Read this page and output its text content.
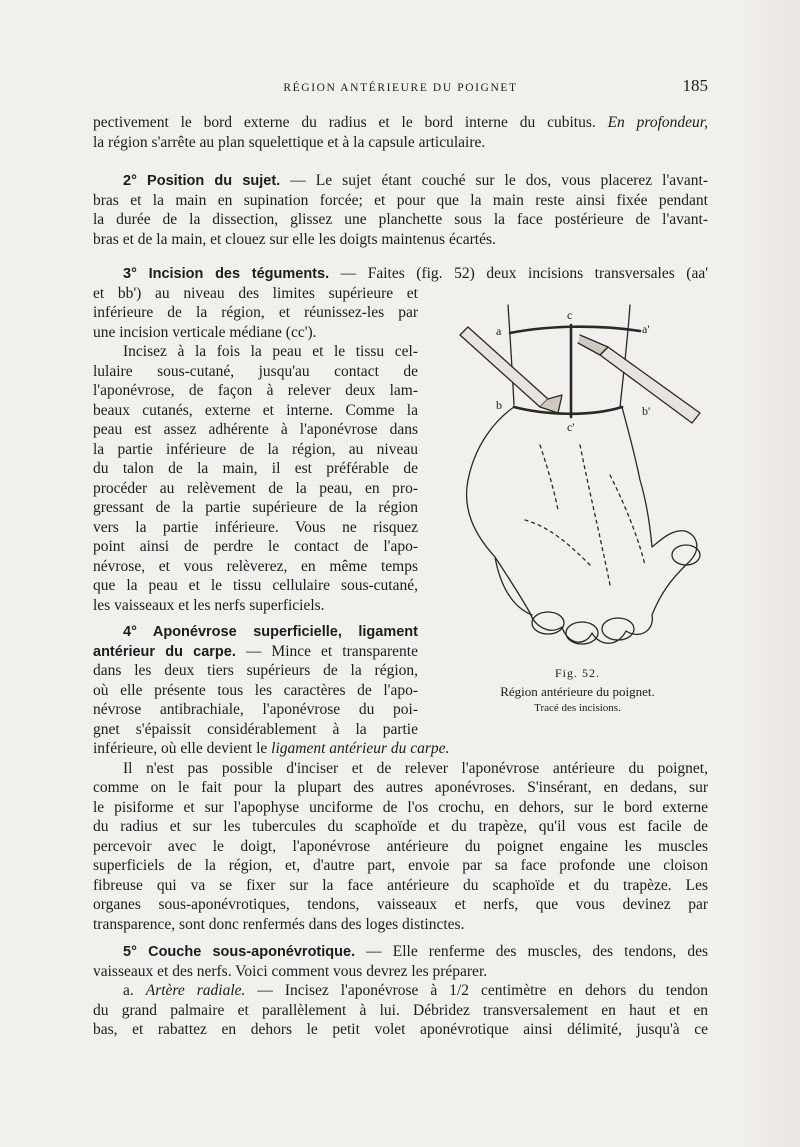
RÉGION ANTÉRIEURE DU POIGNET	185
pectivement le bord externe du radius et le bord interne du cubitus. En profondeur,
la région s'arrête au plan squelettique et à la capsule articulaire.
2° Position du sujet. — Le sujet étant couché sur le dos, vous placerez l'avant-
bras et la main en supination forcée; et pour que la main reste ainsi fixée pendant
la durée de la dissection, glissez une planchette sous la face postérieure de l'avant-
bras et de la main, et clouez sur elle les doigts maintenus écartés.
3° Incision des téguments. — Faites (fig. 52) deux incisions transversales (aa'
et bb') au niveau des limites supérieure et
inférieure de la région, et réunissez-les par
une incision verticale médiane (cc').
Incisez à la fois la peau et le tissu cel-
lulaire sous-cutané, jusqu'au contact de
l'aponévrose, de façon à relever deux lam-
beaux cutanés, externe et interne. Comme la
peau est assez adhérente à l'aponévrose dans
la partie inférieure de la région, au niveau
du talon de la main, il est préférable de
procéder au relèvement de la peau, en pro-
gressant de la partie supérieure de la région
vers la partie inférieure. Vous ne risquez
point ainsi de perdre le contact de l'apo-
névrose, et vous relèverez, en même temps
que la peau et le tissu cellulaire sous-cutané,
les vaisseaux et les nerfs superficiels.
4° Aponévrose superficielle, ligament
antérieur du carpe. — Mince et transparente
dans les deux tiers supérieurs de la région,
où elle présente tous les caractères de l'apo-
névrose antibrachiale, l'aponévrose du poi-
gnet s'épaissit considérablement à la partie
inférieure, où elle devient le ligament antérieur du carpe.
Il n'est pas possible d'inciser et de relever l'aponévrose antérieure du poignet,
comme on le fait pour la plupart des autres aponévroses. S'insérant, en dedans, sur
le pisiforme et sur l'apophyse unciforme de l'os crochu, en dehors, sur le bord externe
du radius et sur les tubercules du scaphoïde et du trapèze, qu'il vous est facile de
percevoir avec le doigt, l'aponévrose antérieure du poignet engaine les muscles
superficiels de la région, et, d'autre part, envoie par sa face profonde une cloison
fibreuse qui va se fixer sur la face antérieure du scaphoïde et du trapèze. Les
organes sous-aponévrotiques, tendons, vaisseaux et nerfs, que vous devinez par
transparence, sont donc renfermés dans des loges distinctes.
5° Couche sous-aponévrotique. — Elle renferme des muscles, des tendons, des
vaisseaux et des nerfs. Voici comment vous devrez les préparer.
a. Artère radiale. — Incisez l'aponévrose à 1/2 centimètre en dehors du tendon
du grand palmaire et parallèlement à lui. Débridez transversalement en haut et en
bas, et rabattez en dehors le petit volet aponévrotique ainsi délimité, jusqu'à ce
a	a'
b	b'
c
c'
Fig. 52.
Région antérieure du poignet.
Tracé des incisions.
